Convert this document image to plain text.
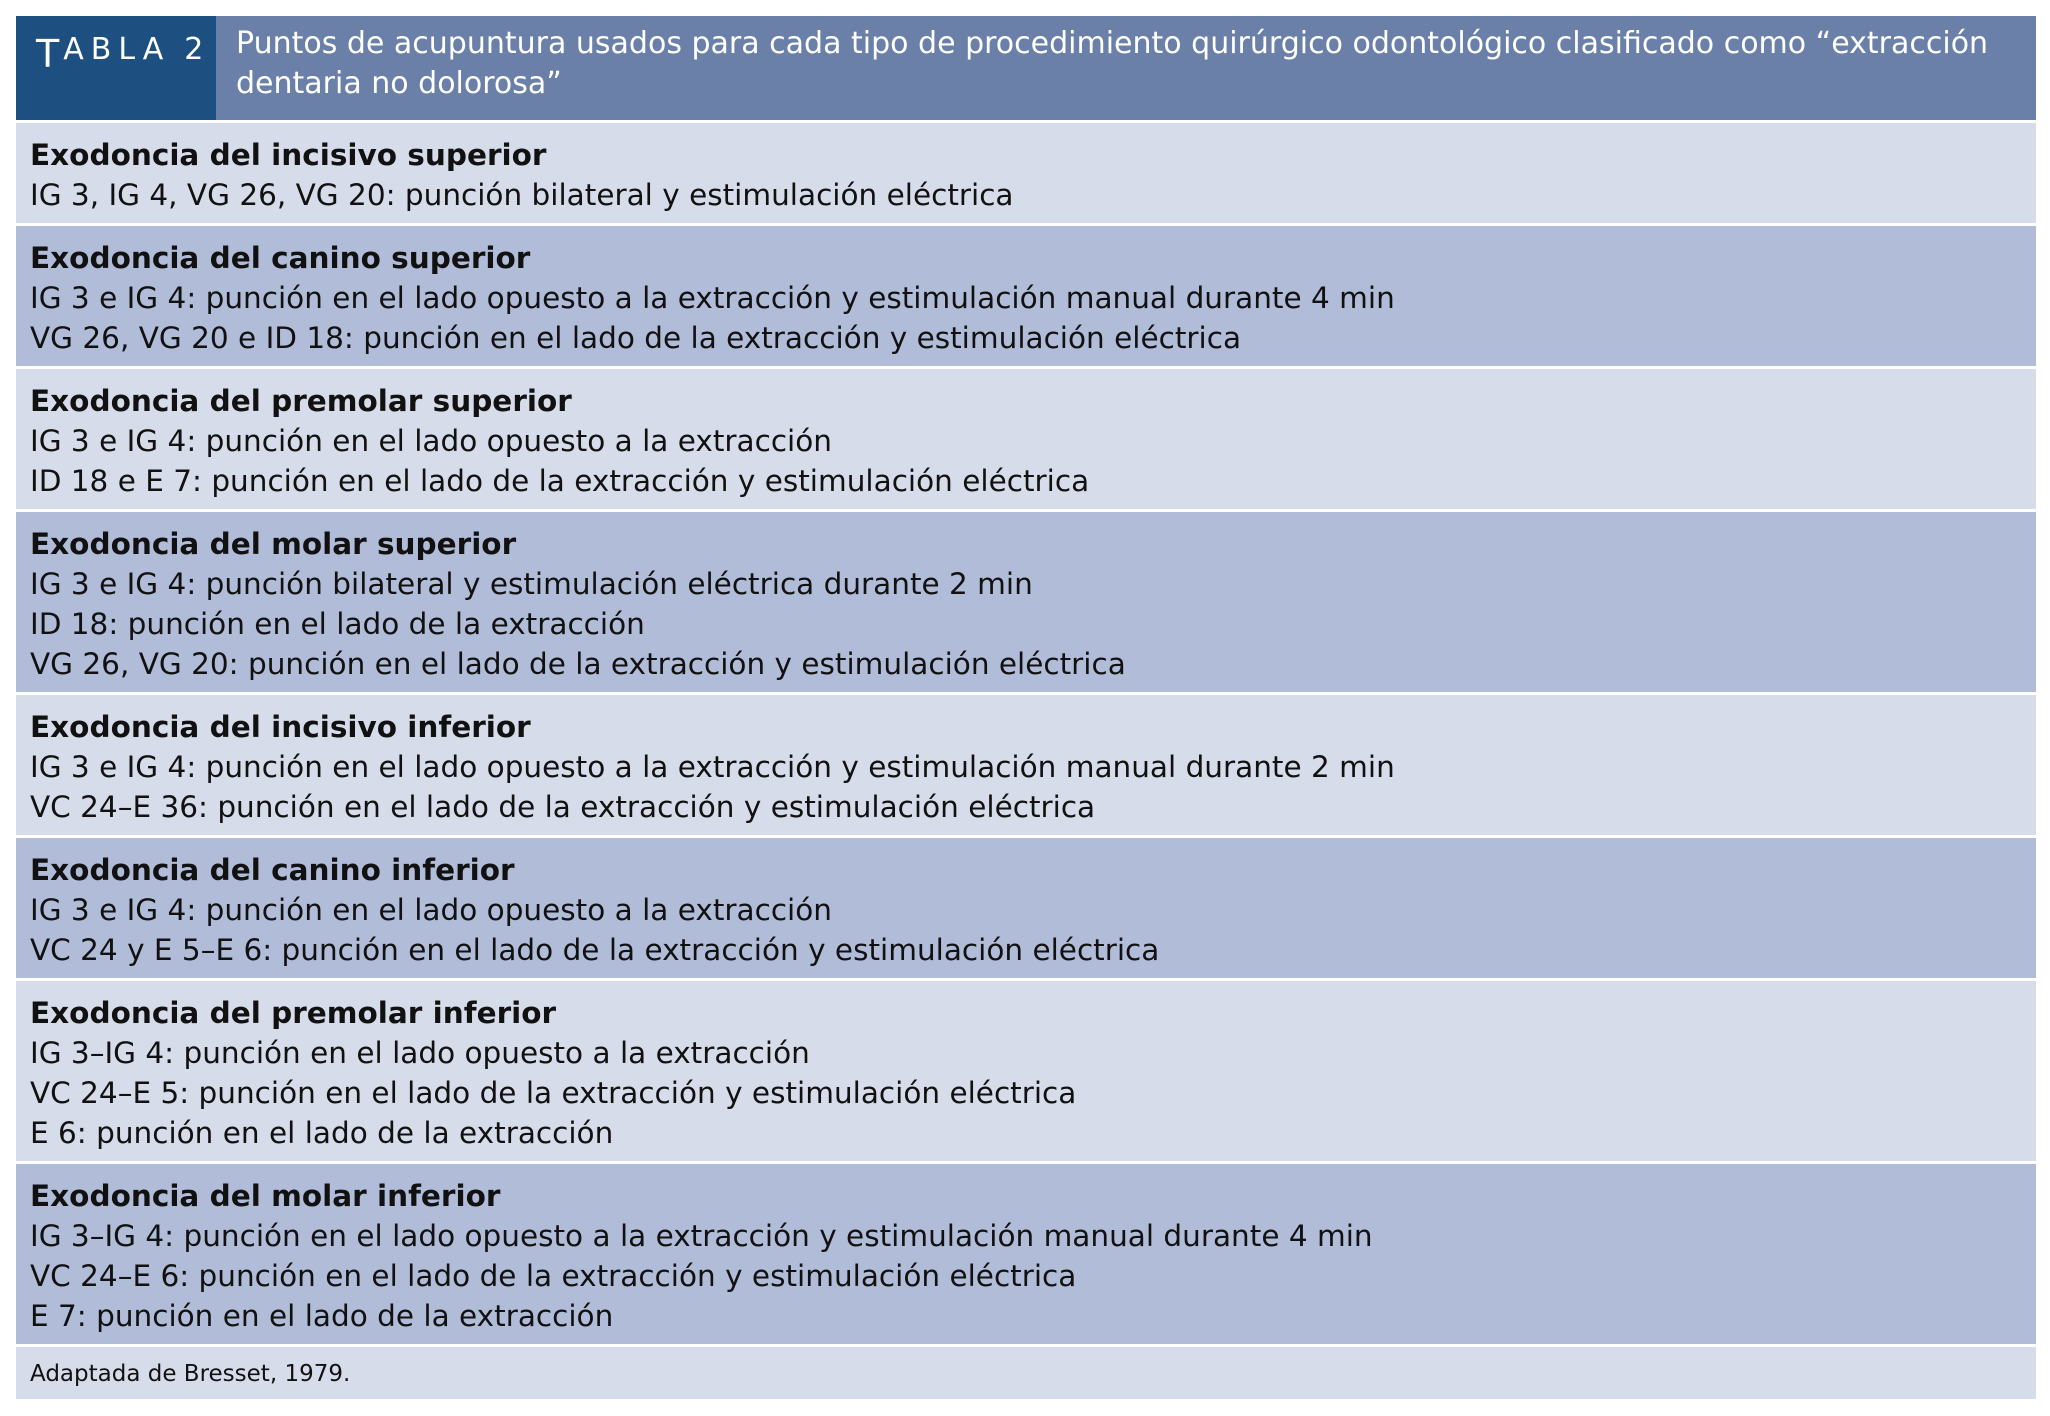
T ABLA 2 Puntos de acupuntura usados para cada tipo de procedimiento quirúrgico odontológico clasificado como “extracción dentaria no dolorosa”
Exodoncia del incisivo superior
IG 3, IG 4, VG 26, VG 20: punción bilateral y estimulación eléctrica
Exodoncia del canino superior
IG 3 e IG 4: punción en el lado opuesto a la extracción y estimulación manual durante 4 min
VG 26, VG 20 e ID 18: punción en el lado de la extracción y estimulación eléctrica
Exodoncia del premolar superior
IG 3 e IG 4: punción en el lado opuesto a la extracción
ID 18 e E 7: punción en el lado de la extracción y estimulación eléctrica
Exodoncia del molar superior
IG 3 e IG 4: punción bilateral y estimulación eléctrica durante 2 min
ID 18: punción en el lado de la extracción
VG 26, VG 20: punción en el lado de la extracción y estimulación eléctrica
Exodoncia del incisivo inferior
IG 3 e IG 4: punción en el lado opuesto a la extracción y estimulación manual durante 2 min
VC 24–E 36: punción en el lado de la extracción y estimulación eléctrica
Exodoncia del canino inferior
IG 3 e IG 4: punción en el lado opuesto a la extracción
VC 24 y E 5–E 6: punción en el lado de la extracción y estimulación eléctrica
Exodoncia del premolar inferior
IG 3–IG 4: punción en el lado opuesto a la extracción
VC 24–E 5: punción en el lado de la extracción y estimulación eléctrica
E 6: punción en el lado de la extracción
Exodoncia del molar inferior
IG 3–IG 4: punción en el lado opuesto a la extracción y estimulación manual durante 4 min
VC 24–E 6: punción en el lado de la extracción y estimulación eléctrica
E 7: punción en el lado de la extracción
Adaptada de Bresset, 1979.
